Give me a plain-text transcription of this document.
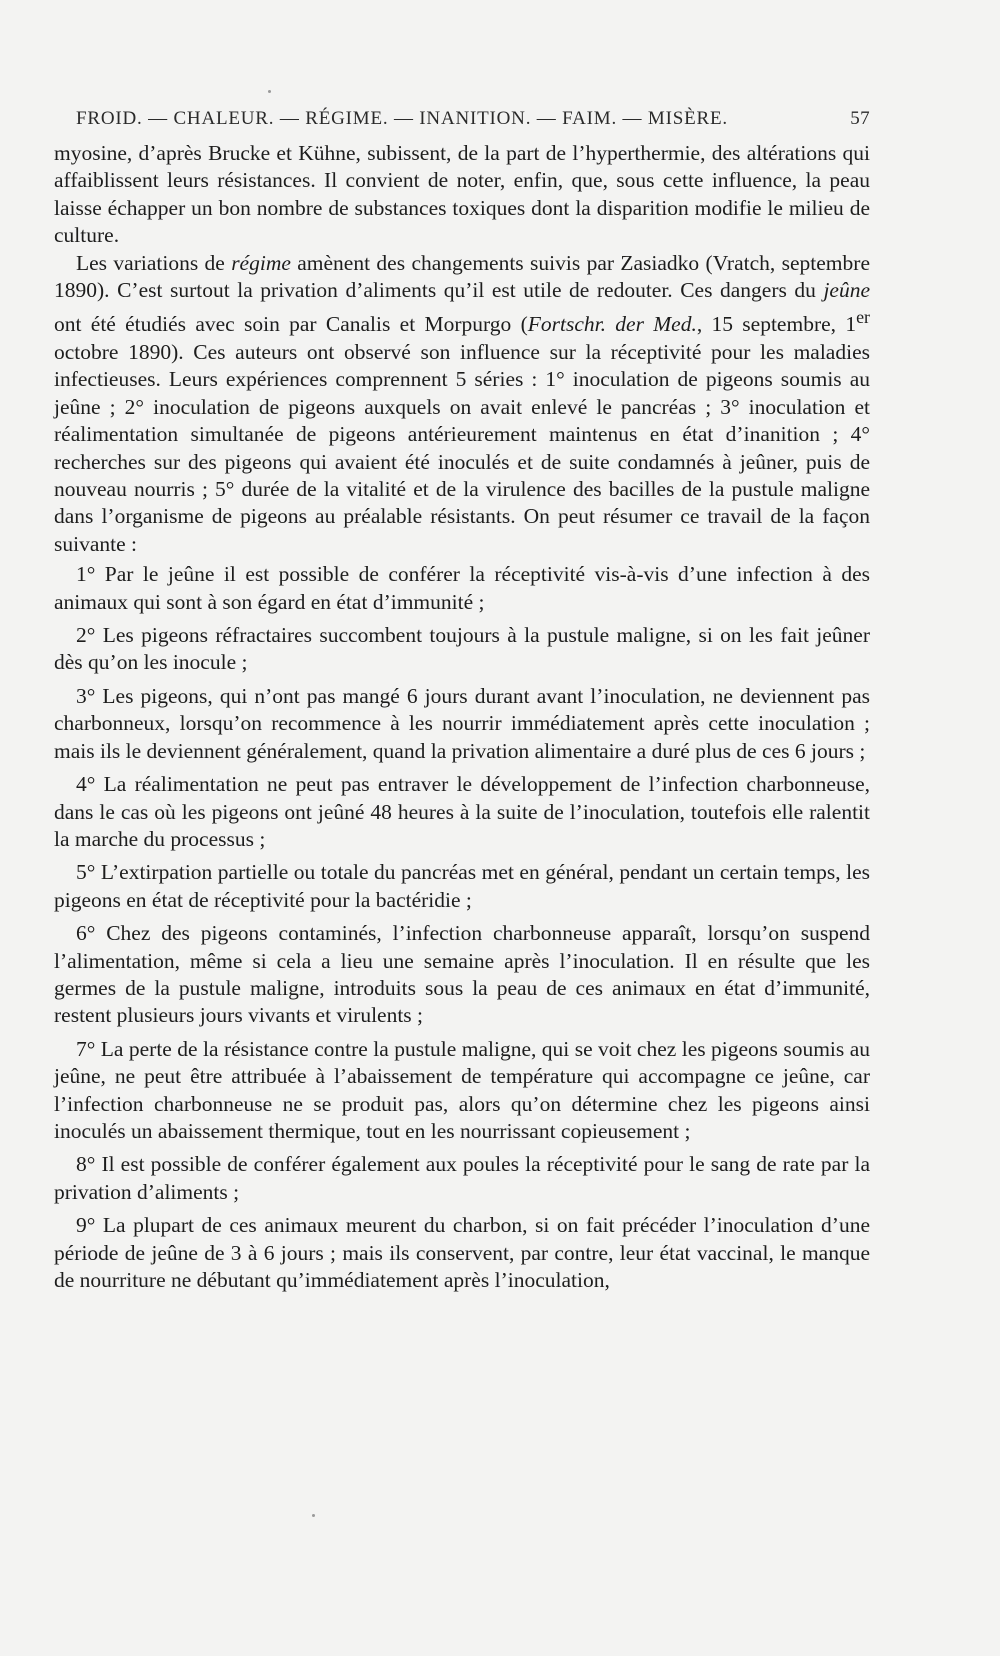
FROID. — CHALEUR. — RÉGIME. — INANITION. — FAIM. — MISÈRE.	57

myosine, d’après Brucke et Kühne, subissent, de la part de l’hyperthermie, des altérations qui affaiblissent leurs résistances. Il convient de noter, enfin, que, sous cette influence, la peau laisse échapper un bon nombre de substances toxiques dont la disparition modifie le milieu de culture.

Les variations de régime amènent des changements suivis par Zasiadko (Vratch, septembre 1890). C’est surtout la privation d’aliments qu’il est utile de redouter. Ces dangers du jeûne ont été étudiés avec soin par Canalis et Morpurgo (Fortschr. der Med., 15 septembre, 1er octobre 1890). Ces auteurs ont observé son influence sur la réceptivité pour les maladies infectieuses. Leurs expériences comprennent 5 séries : 1° inoculation de pigeons soumis au jeûne ; 2° inoculation de pigeons auxquels on avait enlevé le pancréas ; 3° inoculation et réalimentation simultanée de pigeons antérieurement maintenus en état d’inanition ; 4° recherches sur des pigeons qui avaient été inoculés et de suite condamnés à jeûner, puis de nouveau nourris ; 5° durée de la vitalité et de la virulence des bacilles de la pustule maligne dans l’organisme de pigeons au préalable résistants. On peut résumer ce travail de la façon suivante :

1° Par le jeûne il est possible de conférer la réceptivité vis-à-vis d’une infection à des animaux qui sont à son égard en état d’immunité ;

2° Les pigeons réfractaires succombent toujours à la pustule maligne, si on les fait jeûner dès qu’on les inocule ;

3° Les pigeons, qui n’ont pas mangé 6 jours durant avant l’inoculation, ne deviennent pas charbonneux, lorsqu’on recommence à les nourrir immédiatement après cette inoculation ; mais ils le deviennent généralement, quand la privation alimentaire a duré plus de ces 6 jours ;

4° La réalimentation ne peut pas entraver le développement de l’infection charbonneuse, dans le cas où les pigeons ont jeûné 48 heures à la suite de l’inoculation, toutefois elle ralentit la marche du processus ;

5° L’extirpation partielle ou totale du pancréas met en général, pendant un certain temps, les pigeons en état de réceptivité pour la bactéridie ;

6° Chez des pigeons contaminés, l’infection charbonneuse apparaît, lorsqu’on suspend l’alimentation, même si cela a lieu une semaine après l’inoculation. Il en résulte que les germes de la pustule maligne, introduits sous la peau de ces animaux en état d’immunité, restent plusieurs jours vivants et virulents ;

7° La perte de la résistance contre la pustule maligne, qui se voit chez les pigeons soumis au jeûne, ne peut être attribuée à l’abaissement de température qui accompagne ce jeûne, car l’infection charbonneuse ne se produit pas, alors qu’on détermine chez les pigeons ainsi inoculés un abaissement thermique, tout en les nourrissant copieusement ;

8° Il est possible de conférer également aux poules la réceptivité pour le sang de rate par la privation d’aliments ;

9° La plupart de ces animaux meurent du charbon, si on fait précéder l’inoculation d’une période de jeûne de 3 à 6 jours ; mais ils conservent, par contre, leur état vaccinal, le manque de nourriture ne débutant qu’immédiatement après l’inoculation,
